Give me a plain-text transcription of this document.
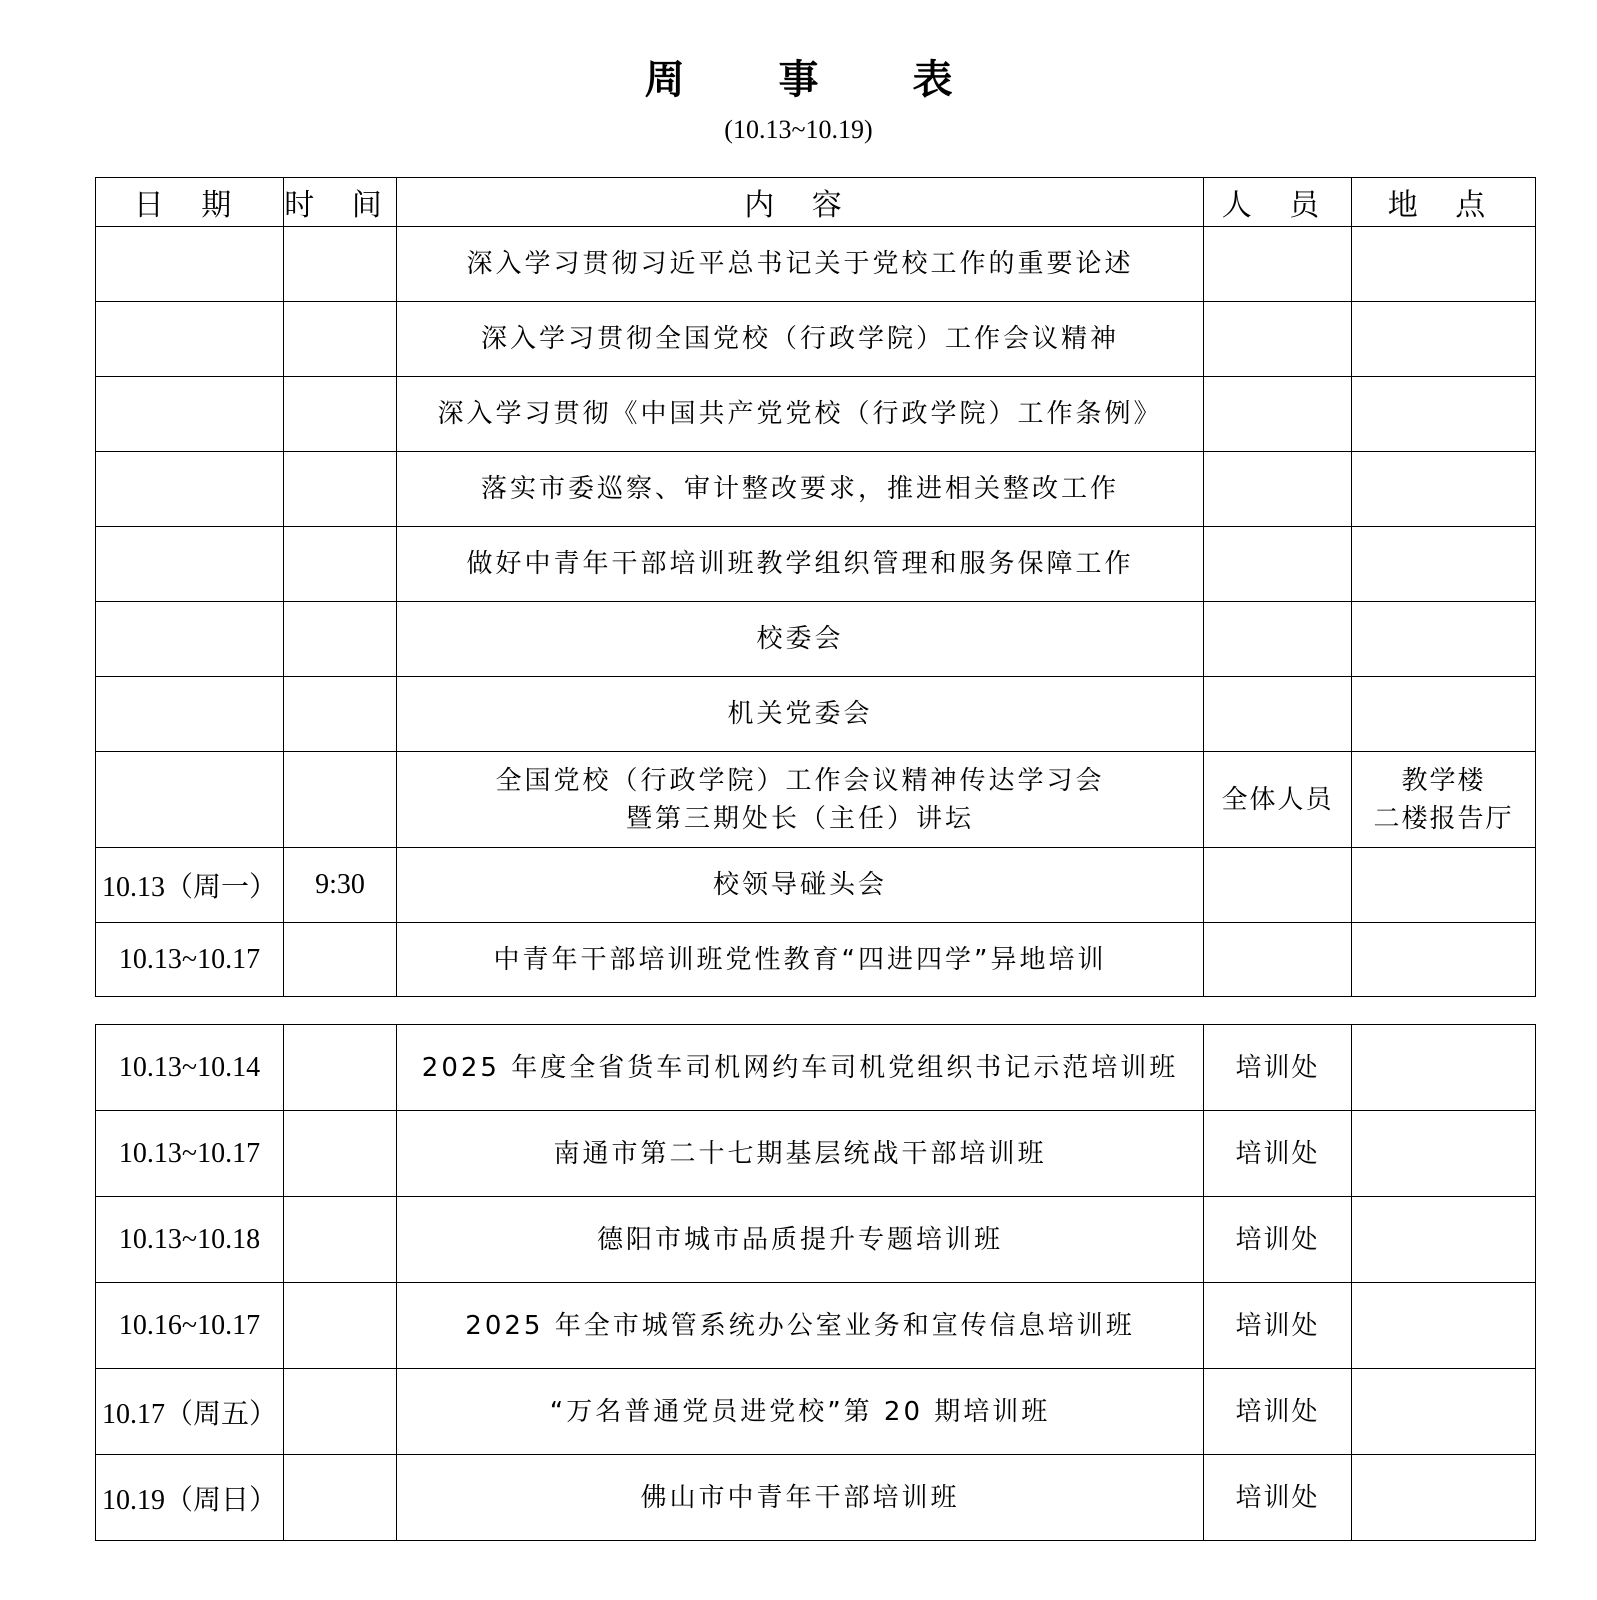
周 事 表
(10.13~10.19)
日 期	时 间	内 容	人 员	地 点
		深入学习贯彻习近平总书记关于党校工作的重要论述		
		深入学习贯彻全国党校（行政学院）工作会议精神		
		深入学习贯彻《中国共产党党校（行政学院）工作条例》		
		落实市委巡察、审计整改要求，推进相关整改工作		
		做好中青年干部培训班教学组织管理和服务保障工作		
		校委会		
		机关党委会		

		全国党校（行政学院）工作会议精神传达学习会
暨第三期处长（主任）讲坛	全体人员	教学楼
二楼报告厅

10.13（周一）	9:30	校领导碰头会		
10.13~10.17		中青年干部培训班党性教育“四进四学”异地培训		
10.13~10.14		2025 年度全省货车司机网约车司机党组织书记示范培训班	培训处	
10.13~10.17		南通市第二十七期基层统战干部培训班	培训处	
10.13~10.18		德阳市城市品质提升专题培训班	培训处	
10.16~10.17		2025 年全市城管系统办公室业务和宣传信息培训班	培训处	
10.17（周五）		“万名普通党员进党校”第 20 期培训班	培训处	
10.19（周日）		佛山市中青年干部培训班	培训处	
